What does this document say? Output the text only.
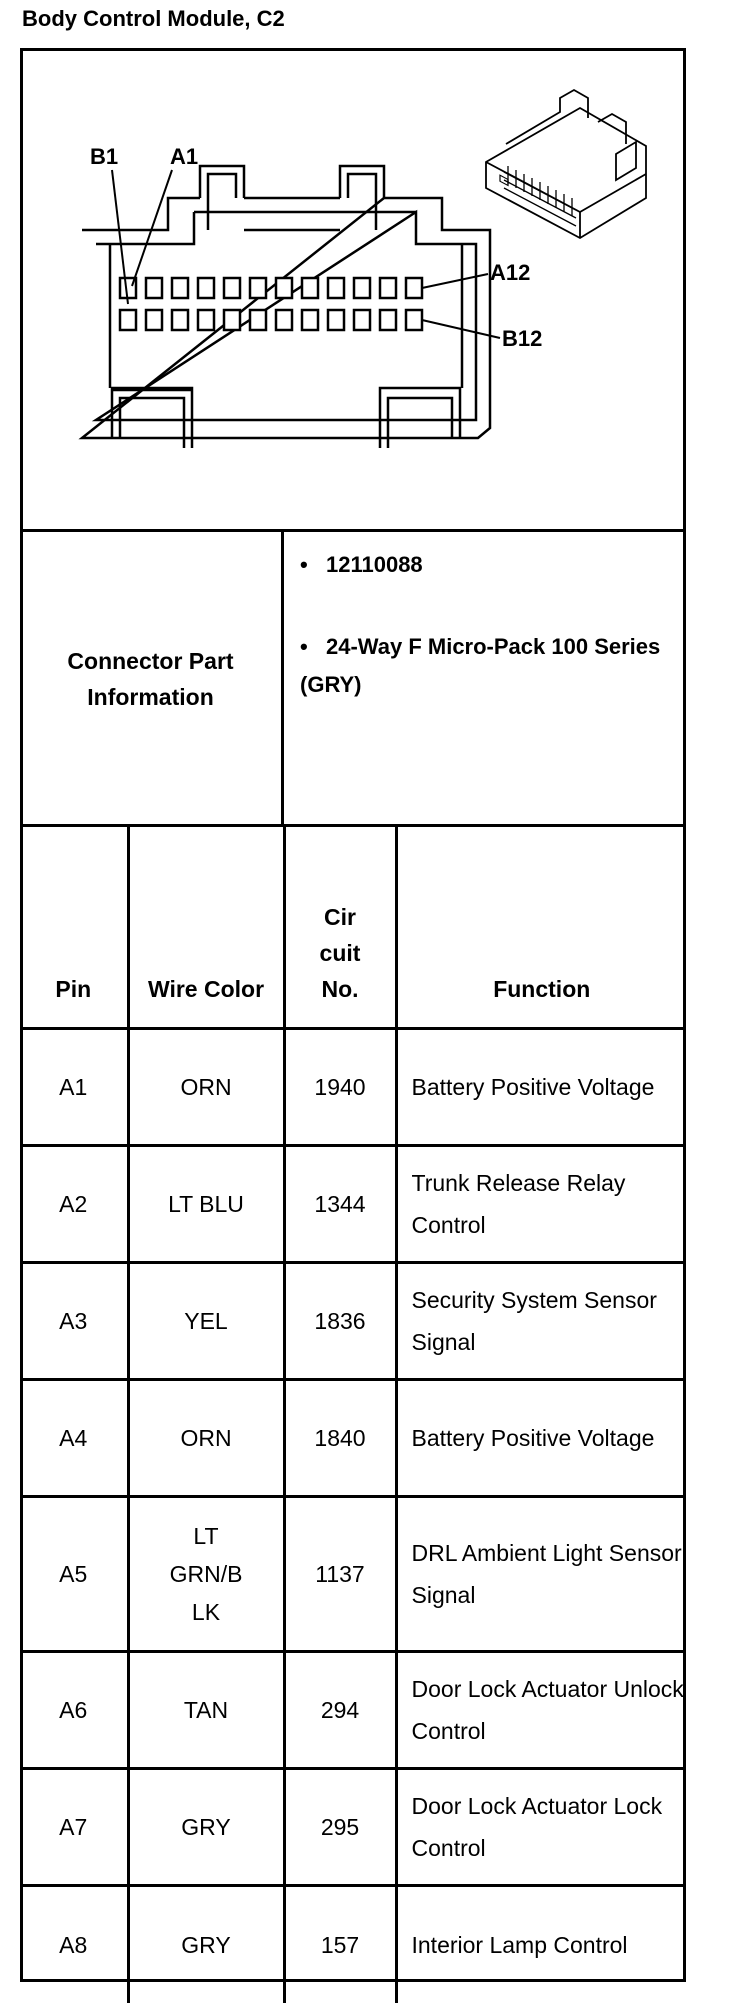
Body Control Module, C2
B1 A1
A12
B12
Connector Part Information
• 12110088
• 24-Way F Micro-Pack 100 Series (GRY)
Pin	Wire Color	Cir cuit No.	Function
A1	ORN	1940	Battery Positive Voltage
A2	LT BLU	1344	Trunk Release Relay Control
A3	YEL	1836	Security System Sensor Signal
A4	ORN	1840	Battery Positive Voltage
A5	LT GRN/B LK	1137	DRL Ambient Light Sensor Signal
A6	TAN	294	Door Lock Actuator Unlock Control
A7	GRY	295	Door Lock Actuator Lock Control
A8	GRY	157	Interior Lamp Control
